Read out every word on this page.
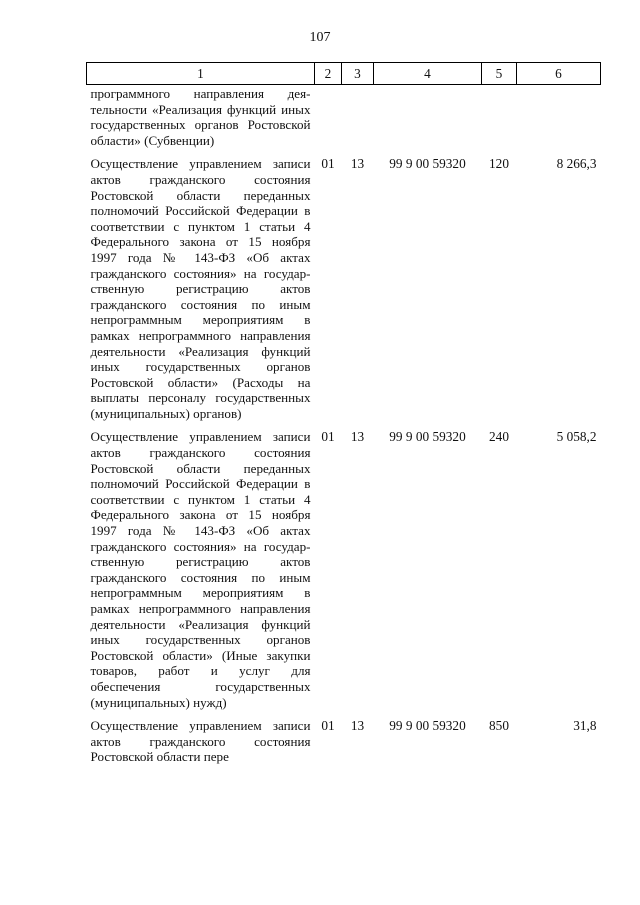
107
1	2	3	4	5	6
программного направления деятельности «Реализация функций иных государственных органов Ростовской области» (Субвенции)					
Осуществление управлением записи актов гражданского состояния Ростовской области переданных полномочий Российской Федерации в соответствии с пунктом 1 статьи 4 Федерального закона от 15 ноября 1997 года № 143-ФЗ «Об актах гражданского состояния» на государственную регистрацию актов гражданского состояния по иным непрограммным мероприятиям в рамках непрограммного направления деятельности «Реализация функций иных государственных органов Ростовской области» (Расходы на выплаты персоналу государственных (муниципальных) органов)	01	13	99 9 00 59320	120	8 266,3
Осуществление управлением записи актов гражданского состояния Ростовской области переданных полномочий Российской Федерации в соответствии с пунктом 1 статьи 4 Федерального закона от 15 ноября 1997 года № 143-ФЗ «Об актах гражданского состояния» на государственную регистрацию актов гражданского состояния по иным непрограммным мероприятиям в рамках непрограммного направления деятельности «Реализация функций иных государственных органов Ростовской области» (Иные закупки товаров, работ и услуг для обеспечения государственных (муниципальных) нужд)	01	13	99 9 00 59320	240	5 058,2
Осуществление управлением записи актов гражданского состояния Ростовской области пере	01	13	99 9 00 59320	850	31,8
